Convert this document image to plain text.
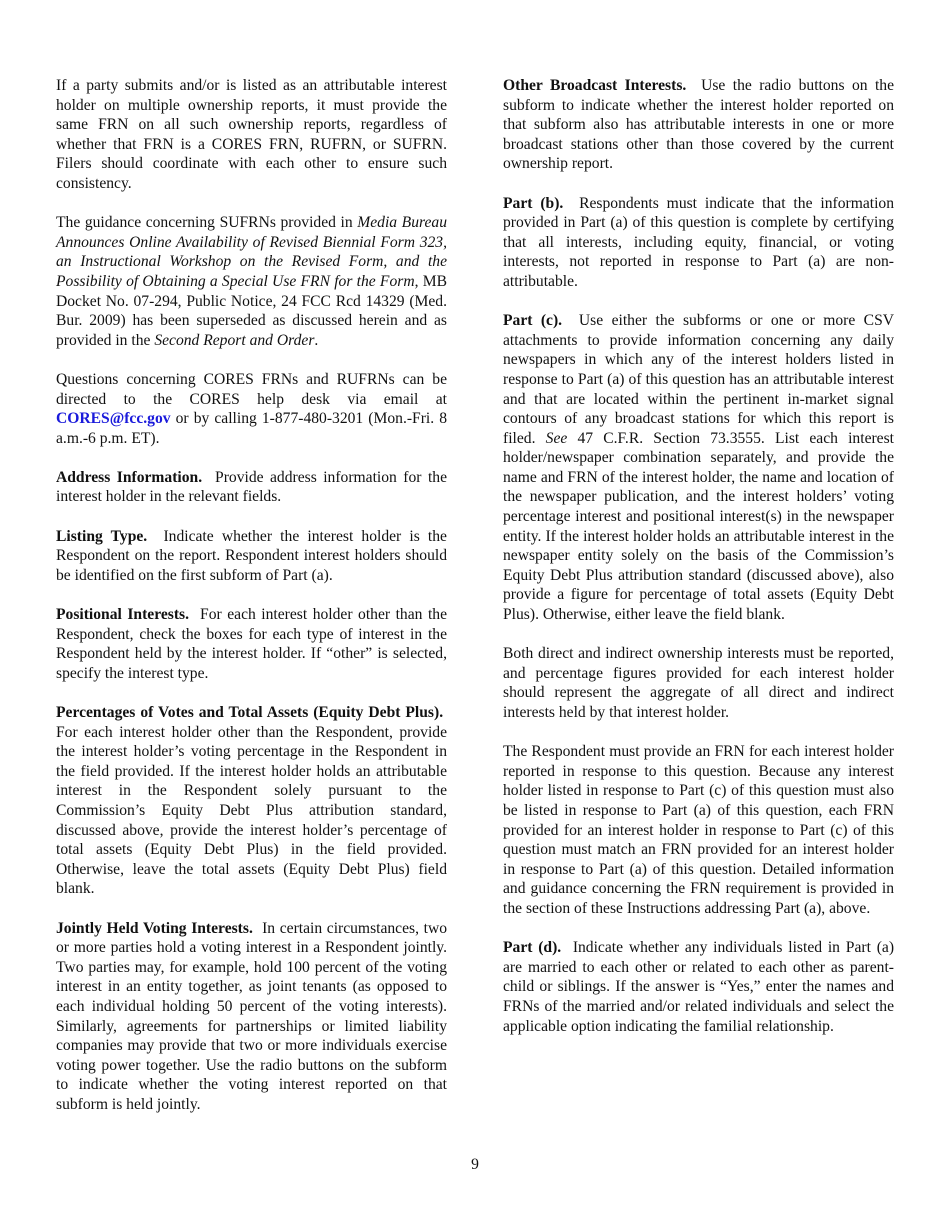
If a party submits and/or is listed as an attributable interest holder on multiple ownership reports, it must provide the same FRN on all such ownership reports, regardless of whether that FRN is a CORES FRN, RUFRN, or SUFRN. Filers should coordinate with each other to ensure such consistency.

The guidance concerning SUFRNs provided in Media Bureau Announces Online Availability of Revised Biennial Form 323, an Instructional Workshop on the Revised Form, and the Possibility of Obtaining a Special Use FRN for the Form, MB Docket No. 07-294, Public Notice, 24 FCC Rcd 14329 (Med. Bur. 2009) has been superseded as discussed herein and as provided in the Second Report and Order.

Questions concerning CORES FRNs and RUFRNs can be directed to the CORES help desk via email at CORES@fcc.gov or by calling 1-877-480-3201 (Mon.-Fri. 8 a.m.-6 p.m. ET).

Address Information. Provide address information for the interest holder in the relevant fields.

Listing Type. Indicate whether the interest holder is the Respondent on the report. Respondent interest holders should be identified on the first subform of Part (a).

Positional Interests. For each interest holder other than the Respondent, check the boxes for each type of interest in the Respondent held by the interest holder. If “other” is selected, specify the interest type.

Percentages of Votes and Total Assets (Equity Debt Plus).  For each interest holder other than the Respondent, provide the interest holder’s voting percentage in the Respondent in the field provided. If the interest holder holds an attributable interest in the Respondent solely pursuant to the Commission’s Equity Debt Plus attribution standard, discussed above, provide the interest holder’s percentage of total assets (Equity Debt Plus) in the field provided. Otherwise, leave the total assets (Equity Debt Plus) field blank.

Jointly Held Voting Interests. In certain circumstances, two or more parties hold a voting interest in a Respondent jointly. Two parties may, for example, hold 100 percent of the voting interest in an entity together, as joint tenants (as opposed to each individual holding 50 percent of the voting interests). Similarly, agreements for partnerships or limited liability companies may provide that two or more individuals exercise voting power together. Use the radio buttons on the subform to indicate whether the voting interest reported on that subform is held jointly.

Other Broadcast Interests. Use the radio buttons on the subform to indicate whether the interest holder reported on that subform also has attributable interests in one or more broadcast stations other than those covered by the current ownership report.

Part (b). Respondents must indicate that the information provided in Part (a) of this question is complete by certifying that all interests, including equity, financial, or voting interests, not reported in response to Part (a) are non-attributable.

Part (c). Use either the subforms or one or more CSV attachments to provide information concerning any daily newspapers in which any of the interest holders listed in response to Part (a) of this question has an attributable interest and that are located within the pertinent in-market signal contours of any broadcast stations for which this report is filed. See 47 C.F.R. Section 73.3555. List each interest holder/newspaper combination separately, and provide the name and FRN of the interest holder, the name and location of the newspaper publication, and the interest holders’ voting percentage interest and positional interest(s) in the newspaper entity. If the interest holder holds an attributable interest in the newspaper entity solely on the basis of the Commission’s Equity Debt Plus attribution standard (discussed above), also provide a figure for percentage of total assets (Equity Debt Plus). Otherwise, either leave the field blank.

Both direct and indirect ownership interests must be reported, and percentage figures provided for each interest holder should represent the aggregate of all direct and indirect interests held by that interest holder.

The Respondent must provide an FRN for each interest holder reported in response to this question. Because any interest holder listed in response to Part (c) of this question must also be listed in response to Part (a) of this question, each FRN provided for an interest holder in response to Part (c) of this question must match an FRN provided for an interest holder in response to Part (a) of this question. Detailed information and guidance concerning the FRN requirement is provided in the section of these Instructions addressing Part (a), above.

Part (d). Indicate whether any individuals listed in Part (a) are married to each other or related to each other as parent-child or siblings. If the answer is “Yes,” enter the names and FRNs of the married and/or related individuals and select the applicable option indicating the familial relationship.

9
